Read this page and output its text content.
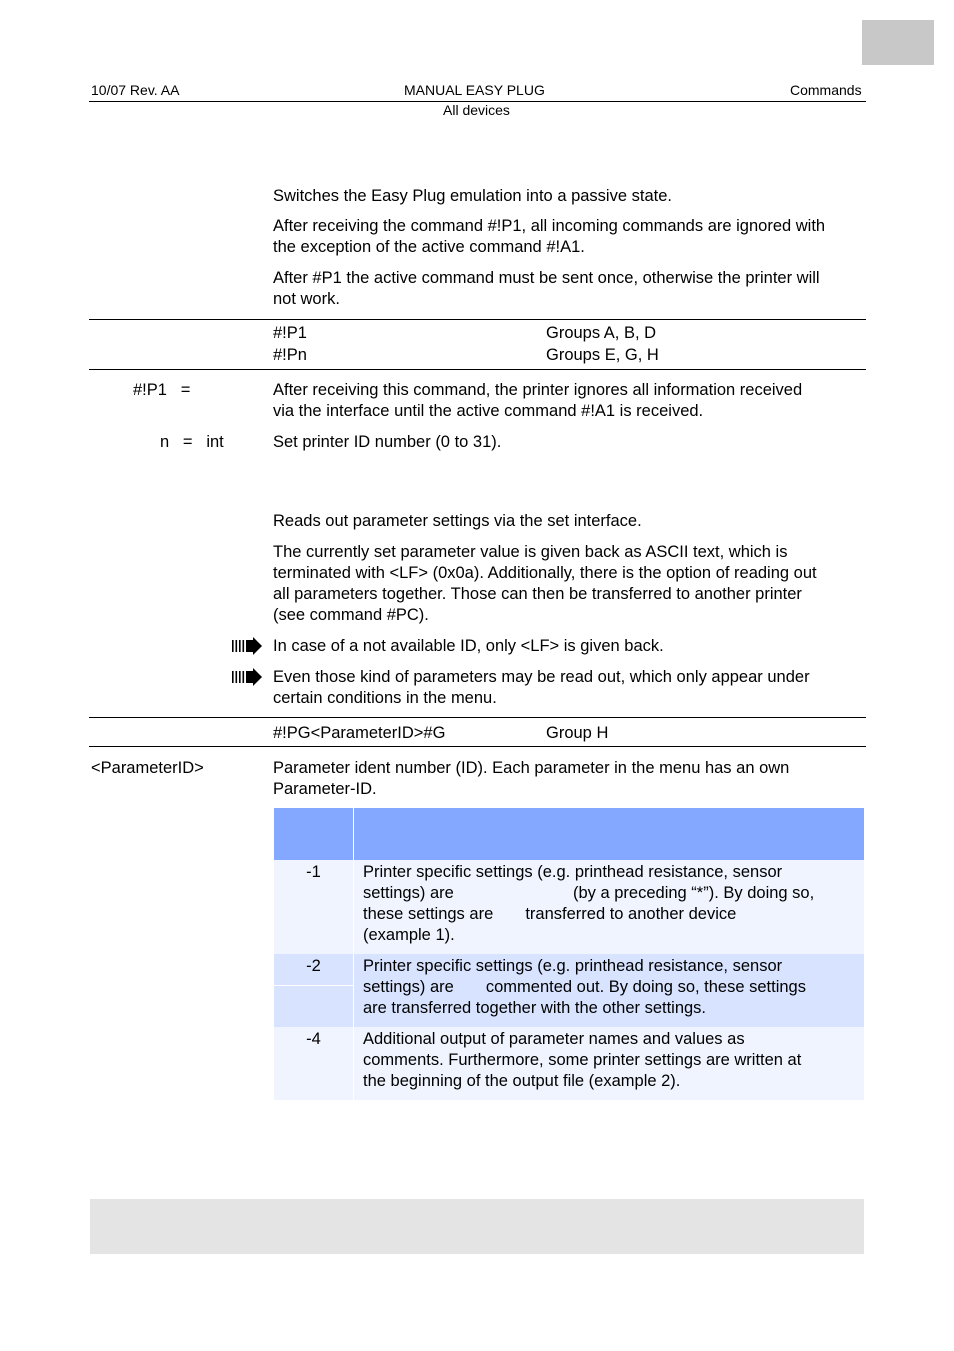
10/07 Rev. AA	MANUAL EASY PLUG	Commands
All devices
Switches the Easy Plug emulation into a passive state.
After receiving the command #!P1, all incoming commands are ignored with
the exception of the active command #!A1.
After #P1 the active command must be sent once, otherwise the printer will
not work.
#!P1	Groups A, B, D
#!Pn	Groups E, G, H
#!P1   =	After receiving this command, the printer ignores all information received
via the interface until the active command #!A1 is received.
n   =   int	Set printer ID number (0 to 31).
Reads out parameter settings via the set interface.
The currently set parameter value is given back as ASCII text, which is
terminated with <LF> (0x0a). Additionally, there is the option of reading out
all parameters together. Those can then be transferred to another printer
(see command #PC).
In case of a not available ID, only <LF> is given back.
Even those kind of parameters may be read out, which only appear under
certain conditions in the menu.
#!PG<ParameterID>#G	Group H
<ParameterID>	Parameter ident number (ID). Each parameter in the menu has an own
Parameter-ID.
-1	Printer specific settings (e.g. printhead resistance, sensor
settings) are                          (by a preceding “*”). By doing so,
these settings are       transferred to another device
(example 1).
-2	Printer specific settings (e.g. printhead resistance, sensor
settings) are       commented out. By doing so, these settings
are transferred together with the other settings.
-4	Additional output of parameter names and values as
comments. Furthermore, some printer settings are written at
the beginning of the output file (example 2).
